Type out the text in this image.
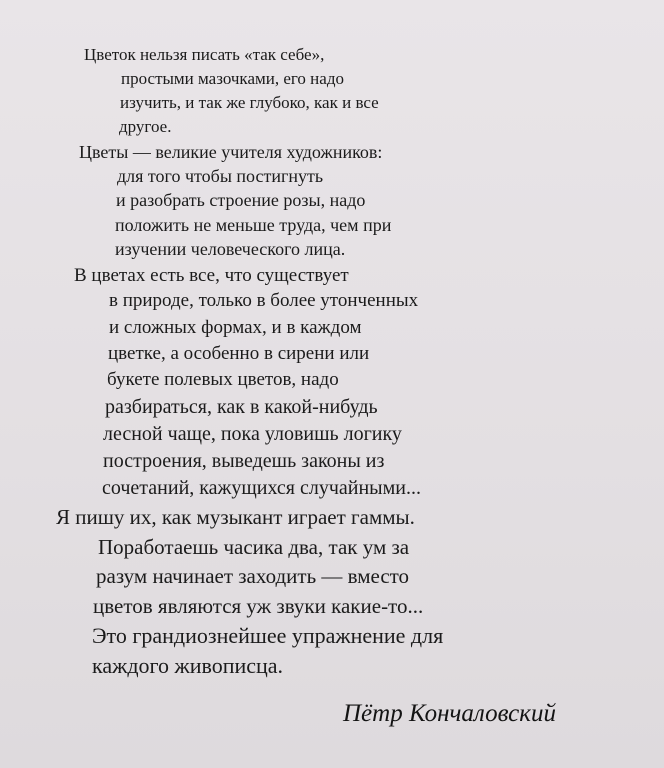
Цветок нельзя писать «так себе»,
простыми мазочками, его надо
изучить, и так же глубоко, как и все
другое.
Цветы — великие учителя художников:
для того чтобы постигнуть
и разобрать строение розы, надо
положить не меньше труда, чем при
изучении человеческого лица.
В цветах есть все, что существует
в природе, только в более утонченных
и сложных формах, и в каждом
цветке, а особенно в сирени или
букете полевых цветов, надо
разбираться, как в какой-нибудь
лесной чаще, пока уловишь логику
построения, выведешь законы из
сочетаний, кажущихся случайными...
Я пишу их, как музыкант играет гаммы.
Поработаешь часика два, так ум за
разум начинает заходить — вместо
цветов являются уж звуки какие-то...
Это грандиознейшее упражнение для
каждого живописца.
Пётр Кончаловский
